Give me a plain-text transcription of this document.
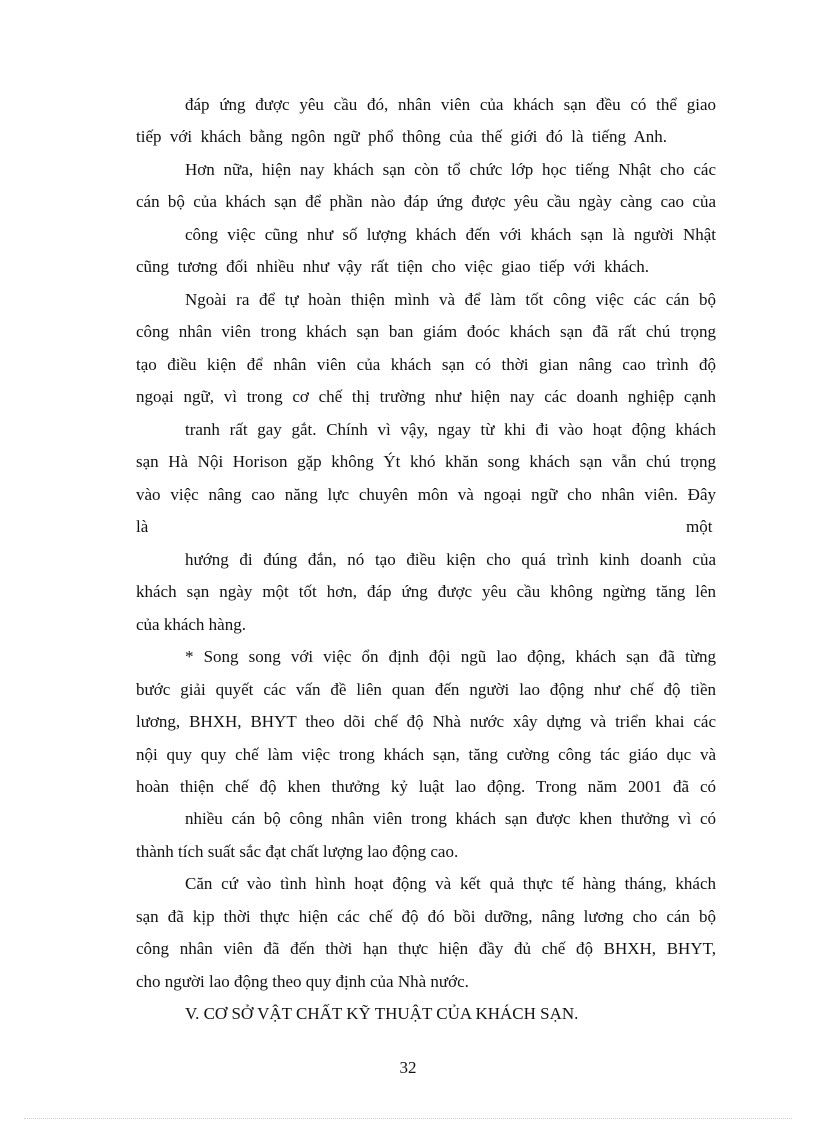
đáp ứng được yêu cầu đó, nhân viên của khách sạn đều có thể giao
tiếp với khách bằng ngôn ngữ phổ thông của thế giới đó là tiếng Anh.
Hơn nữa, hiện nay khách sạn còn tổ chức lớp học tiếng Nhật cho các
cán bộ của khách sạn để phần nào đáp ứng được yêu cầu ngày càng cao của
công việc cũng như số lượng khách đến với khách sạn là người Nhật
cũng tương đối nhiều như vậy rất tiện cho việc giao tiếp với khách.
Ngoài ra để tự hoàn thiện mình và để làm tốt công việc các cán bộ
công nhân viên trong khách sạn ban giám đoóc khách sạn đã rất chú trọng
tạo điều kiện để nhân viên của khách sạn có thời gian nâng cao trình độ
ngoại ngữ, vì trong cơ chế thị trường như hiện nay các doanh nghiệp cạnh
tranh rất gay gắt. Chính vì vậy, ngay từ khi đi vào hoạt động khách
sạn Hà Nội Horison gặp không Ýt khó khăn song khách sạn vẫn chú trọng
vào việc nâng cao năng lực chuyên môn và ngoại ngữ cho nhân viên. Đây
là	một
hướng đi đúng đắn, nó tạo điều kiện cho quá trình kinh doanh của
khách sạn ngày một tốt hơn, đáp ứng được yêu cầu không ngừng tăng lên
của khách hàng.
* Song song với việc ổn định đội ngũ lao động, khách sạn đã từng
bước giải quyết các vấn đề liên quan đến người lao động như chế độ tiền
lương, BHXH, BHYT theo dõi chế độ Nhà nước xây dựng và triển khai các
nội quy quy chế làm việc trong khách sạn, tăng cường công tác giáo dục và
hoàn thiện chế độ khen thưởng kỷ luật lao động. Trong năm 2001 đã có
nhiều cán bộ công nhân viên trong khách sạn được khen thưởng vì có
thành tích suất sắc đạt chất lượng lao động cao.
Căn cứ vào tình hình hoạt động và kết quả thực tế hàng tháng, khách
sạn đã kịp thời thực hiện các chế độ đó bồi dưỡng, nâng lương cho cán bộ
công nhân viên đã đến thời hạn thực hiện đầy đủ chế độ BHXH, BHYT,
cho người lao động theo quy định của Nhà nước.
V. CƠ SỞ VẬT CHẤT KỸ THUẬT CỦA KHÁCH SẠN.
32
